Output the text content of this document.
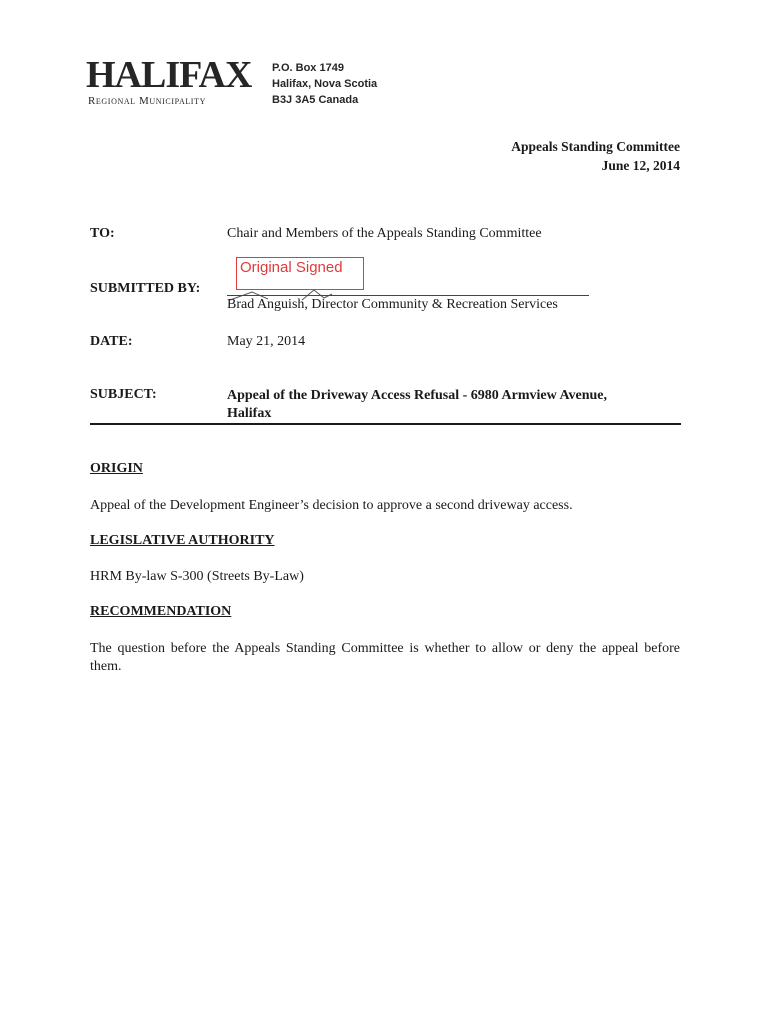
HALIFAX
Regional Municipality
P.O. Box 1749
Halifax, Nova Scotia
B3J 3A5 Canada
Appeals Standing Committee
June 12, 2014
TO:	Chair and Members of the Appeals Standing Committee
Original Signed
SUBMITTED BY:
Brad Anguish, Director Community & Recreation Services
DATE:	May 21, 2014
SUBJECT:	Appeal of the Driveway Access Refusal - 6980 Armview Avenue,
Halifax
ORIGIN
Appeal of the Development Engineer’s decision to approve a second driveway access.
LEGISLATIVE AUTHORITY
HRM By-law S-300 (Streets By-Law)
RECOMMENDATION
The question before the Appeals Standing Committee is whether to allow or deny the appeal before them.
